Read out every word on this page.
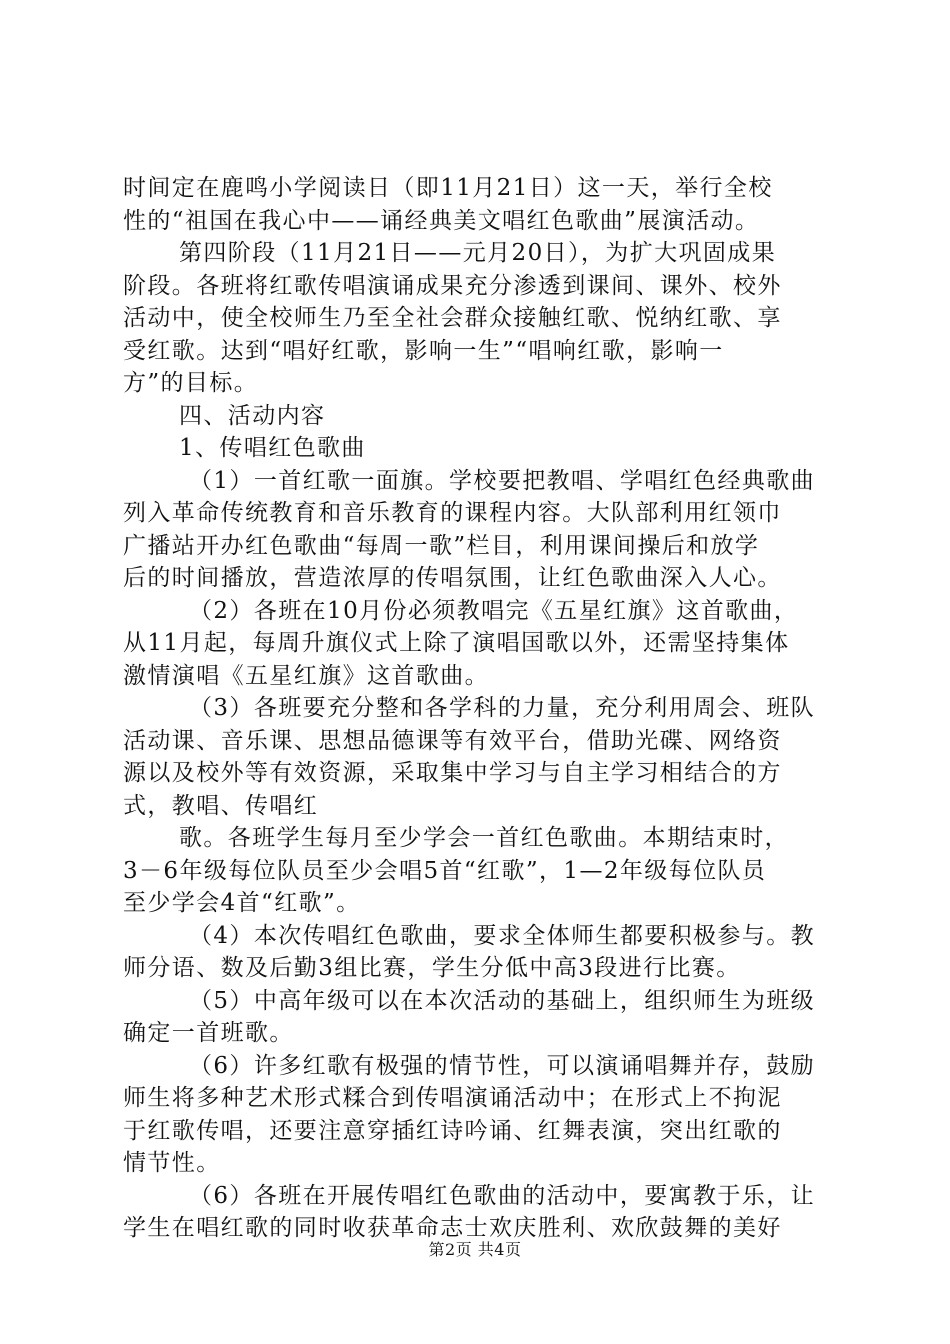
时间定在鹿鸣小学阅读日（即11月21日）这一天，举行全校
性的“祖国在我心中——诵经典美文唱红色歌曲”展演活动。
第四阶段（11月21日——元月20日），为扩大巩固成果
阶段。各班将红歌传唱演诵成果充分渗透到课间、课外、校外
活动中，使全校师生乃至全社会群众接触红歌、悦纳红歌、享
受红歌。达到“唱好红歌，影响一生”“唱响红歌，影响一
方”的目标。
四、活动内容
1、传唱红色歌曲
（1）一首红歌一面旗。学校要把教唱、学唱红色经典歌曲
列入革命传统教育和音乐教育的课程内容。大队部利用红领巾
广播站开办红色歌曲“每周一歌”栏目，利用课间操后和放学
后的时间播放，营造浓厚的传唱氛围，让红色歌曲深入人心。
（2）各班在10月份必须教唱完《五星红旗》这首歌曲，
从11月起，每周升旗仪式上除了演唱国歌以外，还需坚持集体
激情演唱《五星红旗》这首歌曲。
（3）各班要充分整和各学科的力量，充分利用周会、班队
活动课、音乐课、思想品德课等有效平台，借助光碟、网络资
源以及校外等有效资源，采取集中学习与自主学习相结合的方
式，教唱、传唱红
歌。各班学生每月至少学会一首红色歌曲。本期结束时，
3－6年级每位队员至少会唱5首“红歌”，1—2年级每位队员
至少学会4首“红歌”。
（4）本次传唱红色歌曲，要求全体师生都要积极参与。教
师分语、数及后勤3组比赛，学生分低中高3段进行比赛。
（5）中高年级可以在本次活动的基础上，组织师生为班级
确定一首班歌。
（6）许多红歌有极强的情节性，可以演诵唱舞并存，鼓励
师生将多种艺术形式糅合到传唱演诵活动中；在形式上不拘泥
于红歌传唱，还要注意穿插红诗吟诵、红舞表演，突出红歌的
情节性。
（6）各班在开展传唱红色歌曲的活动中，要寓教于乐，让
学生在唱红歌的同时收获革命志士欢庆胜利、欢欣鼓舞的美好
第2页 共4页
